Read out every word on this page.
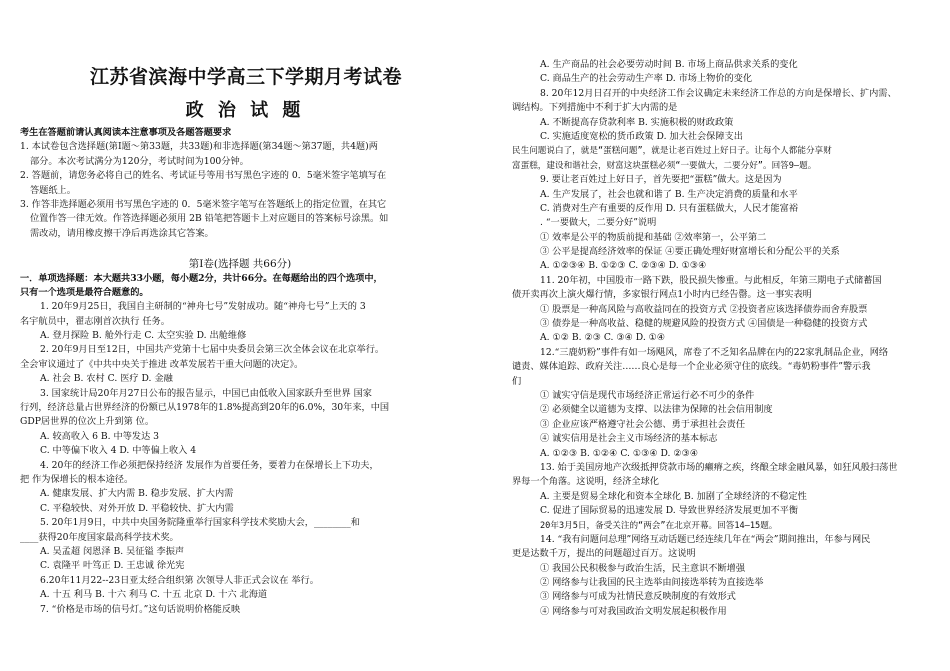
江苏省滨海中学高三下学期月考试卷
政 治 试 题
考生在答题前请认真阅读本注意事项及各题答题要求
1. 本试卷包含选择题(第Ⅰ题～第33题，共33题)和非选择题(第34题～第37题，共4题)两
部分。本次考试满分为120分，考试时间为100分钟。
2. 答题前，请您务必将自己的姓名、考试证号等用书写黑色字迹的 0．5毫米签字笔填写在
答题纸上。
3. 作答非选择题必须用书写黑色字迹的 0．5毫米签字笔写在答题纸上的指定位置，在其它
位置作答一律无效。作答选择题必须用 2B 铅笔把答题卡上对应题目的答案标号涂黑。如
需改动，请用橡皮擦干净后再选涂其它答案。
第Ⅰ卷(选择题 共66分)
一．单项选择题：本大题共33小题，每小题2分，共计66分。在每题给出的四个选项中，
只有一个选项是最符合题意的。
1. 20年9月25日，我国自主研制的“神舟七号”发射成功。随“神舟七号”上天的 3
名宇航员中，翟志刚首次执行 任务。
A. 登月探险 B. 舱外行走 C. 太空实验 D. 出舱维修
2. 20年9月日至12日，中国共产党第十七届中央委员会第三次全体会议在北京举行。
全会审议通过了《中共中央关于推进 改革发展若干重大问题的决定》。
A. 社会 B. 农村 C. 医疗 D. 金融
3. 国家统计局20年月27日公布的报告显示，中国已由低收入国家跃升至世界 国家
行列，经济总量占世界经济的份额已从1978年的1.8%提高到20年的6.0%，30年来，中国
GDP居世界的位次上升到第 位。
A. 较高收入 6 B. 中等发达 3
C. 中等偏下收入 4 D. 中等偏上收入 4
4. 20年的经济工作必须把保持经济 发展作为首要任务，要着力在保增长上下功夫，
把 作为保增长的根本途径。
A. 健康发展、扩大内需 B. 稳步发展、扩大内需
C. 平稳较快、对外开放 D. 平稳较快、扩大内需
5. 20年1月9日，中共中央国务院隆重举行国家科学技术奖励大会，________和
____获得20年度国家最高科学技术奖。
A. 吴孟超 闵恩泽 B. 吴征镒 李振声
C. 袁隆平 叶笃正 D. 王忠诚 徐光宪
6.20年11月22--23日亚太经合组织第 次领导人非正式会议在 举行。
A. 十五 利马 B. 十六 利马 C. 十五 北京 D. 十六 北海道
7. “价格是市场的信号灯。”这句话说明价格能反映
A. 生产商品的社会必要劳动时间 B. 市场上商品供求关系的变化
C. 商品生产的社会劳动生产率 D. 市场上物价的变化
8. 20年12月日召开的中央经济工作会议确定未来经济工作总的方向是保增长、扩内需、
调结构。下列措施中不利于扩大内需的是
A. 不断提高存贷款利率 B. 实施积极的财政政策
C. 实施适度宽松的货币政策 D. 加大社会保障支出
民生问题说白了，就是“蛋糕问题”，就是让老百姓过上好日子。让每个人都能分享财
富蛋糕，建设和谐社会，财富这块蛋糕必须“一要做大，二要分好”。回答9—题。
9. 要让老百姓过上好日子，首先要把“蛋糕”做大。这是因为
A. 生产发展了，社会也就和谐了 B. 生产决定消费的质量和水平
C. 消费对生产有重要的反作用 D. 只有蛋糕做大，人民才能富裕
. “一要做大，二要分好”说明
① 效率是公平的物质前提和基础 ②效率第一，公平第二
③ 公平是提高经济效率的保证 ④要正确处理好财富增长和分配公平的关系
A. ①②③④ B. ①②③ C. ②③④ D. ①③④
11. 20年初，中国股市一路下跌，股民损失惨重。与此相反，年第三期电子式储蓄国
债开卖再次上演火爆行情，多家银行网点1小时内已经告罄。这一事实表明
① 股票是一种高风险与高收益同在的投资方式 ②投资者应该选择债券而舍弃股票
③ 债券是一种高收益、稳健的规避风险的投资方式 ④国债是一种稳健的投资方式
A. ①② B. ②③ C. ③④ D. ①④
12.“三鹿奶粉”事件有如一场飓风，席卷了不乏知名品牌在内的22家乳制品企业，网络
谴责、媒体追踪、政府关注……良心是每一个企业必须守住的底线。“毒奶粉事件”警示我
们
① 诚实守信是现代市场经济正常运行必不可少的条件
② 必须健全以道德为支撑、以法律为保障的社会信用制度
③ 企业应该严格遵守社会公德、勇于承担社会责任
④ 诚实信用是社会主义市场经济的基本标志
A. ①②③ B. ①②④ C. ①③④ D. ②③④
13. 始于美国房地产次级抵押贷款市场的癞瘠之疾，终酿全球金融风暴，如狂风般扫荡世
界每一个角落。这说明，经济全球化
A. 主要是贸易全球化和资本全球化 B. 加剧了全球经济的不稳定性
C. 促进了国际贸易的迅速发展 D. 导致世界经济发展更加不平衡
20年3月5日，备受关注的“两会”在北京开幕。回答14—15题。
14. “我有问题问总理”网络互动话题已经连续几年在“两会”期间推出，年参与网民
更是达数千万，提出的问题超过百万。这说明
① 我国公民积极参与政治生活，民主意识不断增强
② 网络参与让我国的民主选举由间接选举转为直接选举
③ 网络参与可成为社情民意反映制度的有效形式
④ 网络参与可对我国政治文明发展起积极作用
